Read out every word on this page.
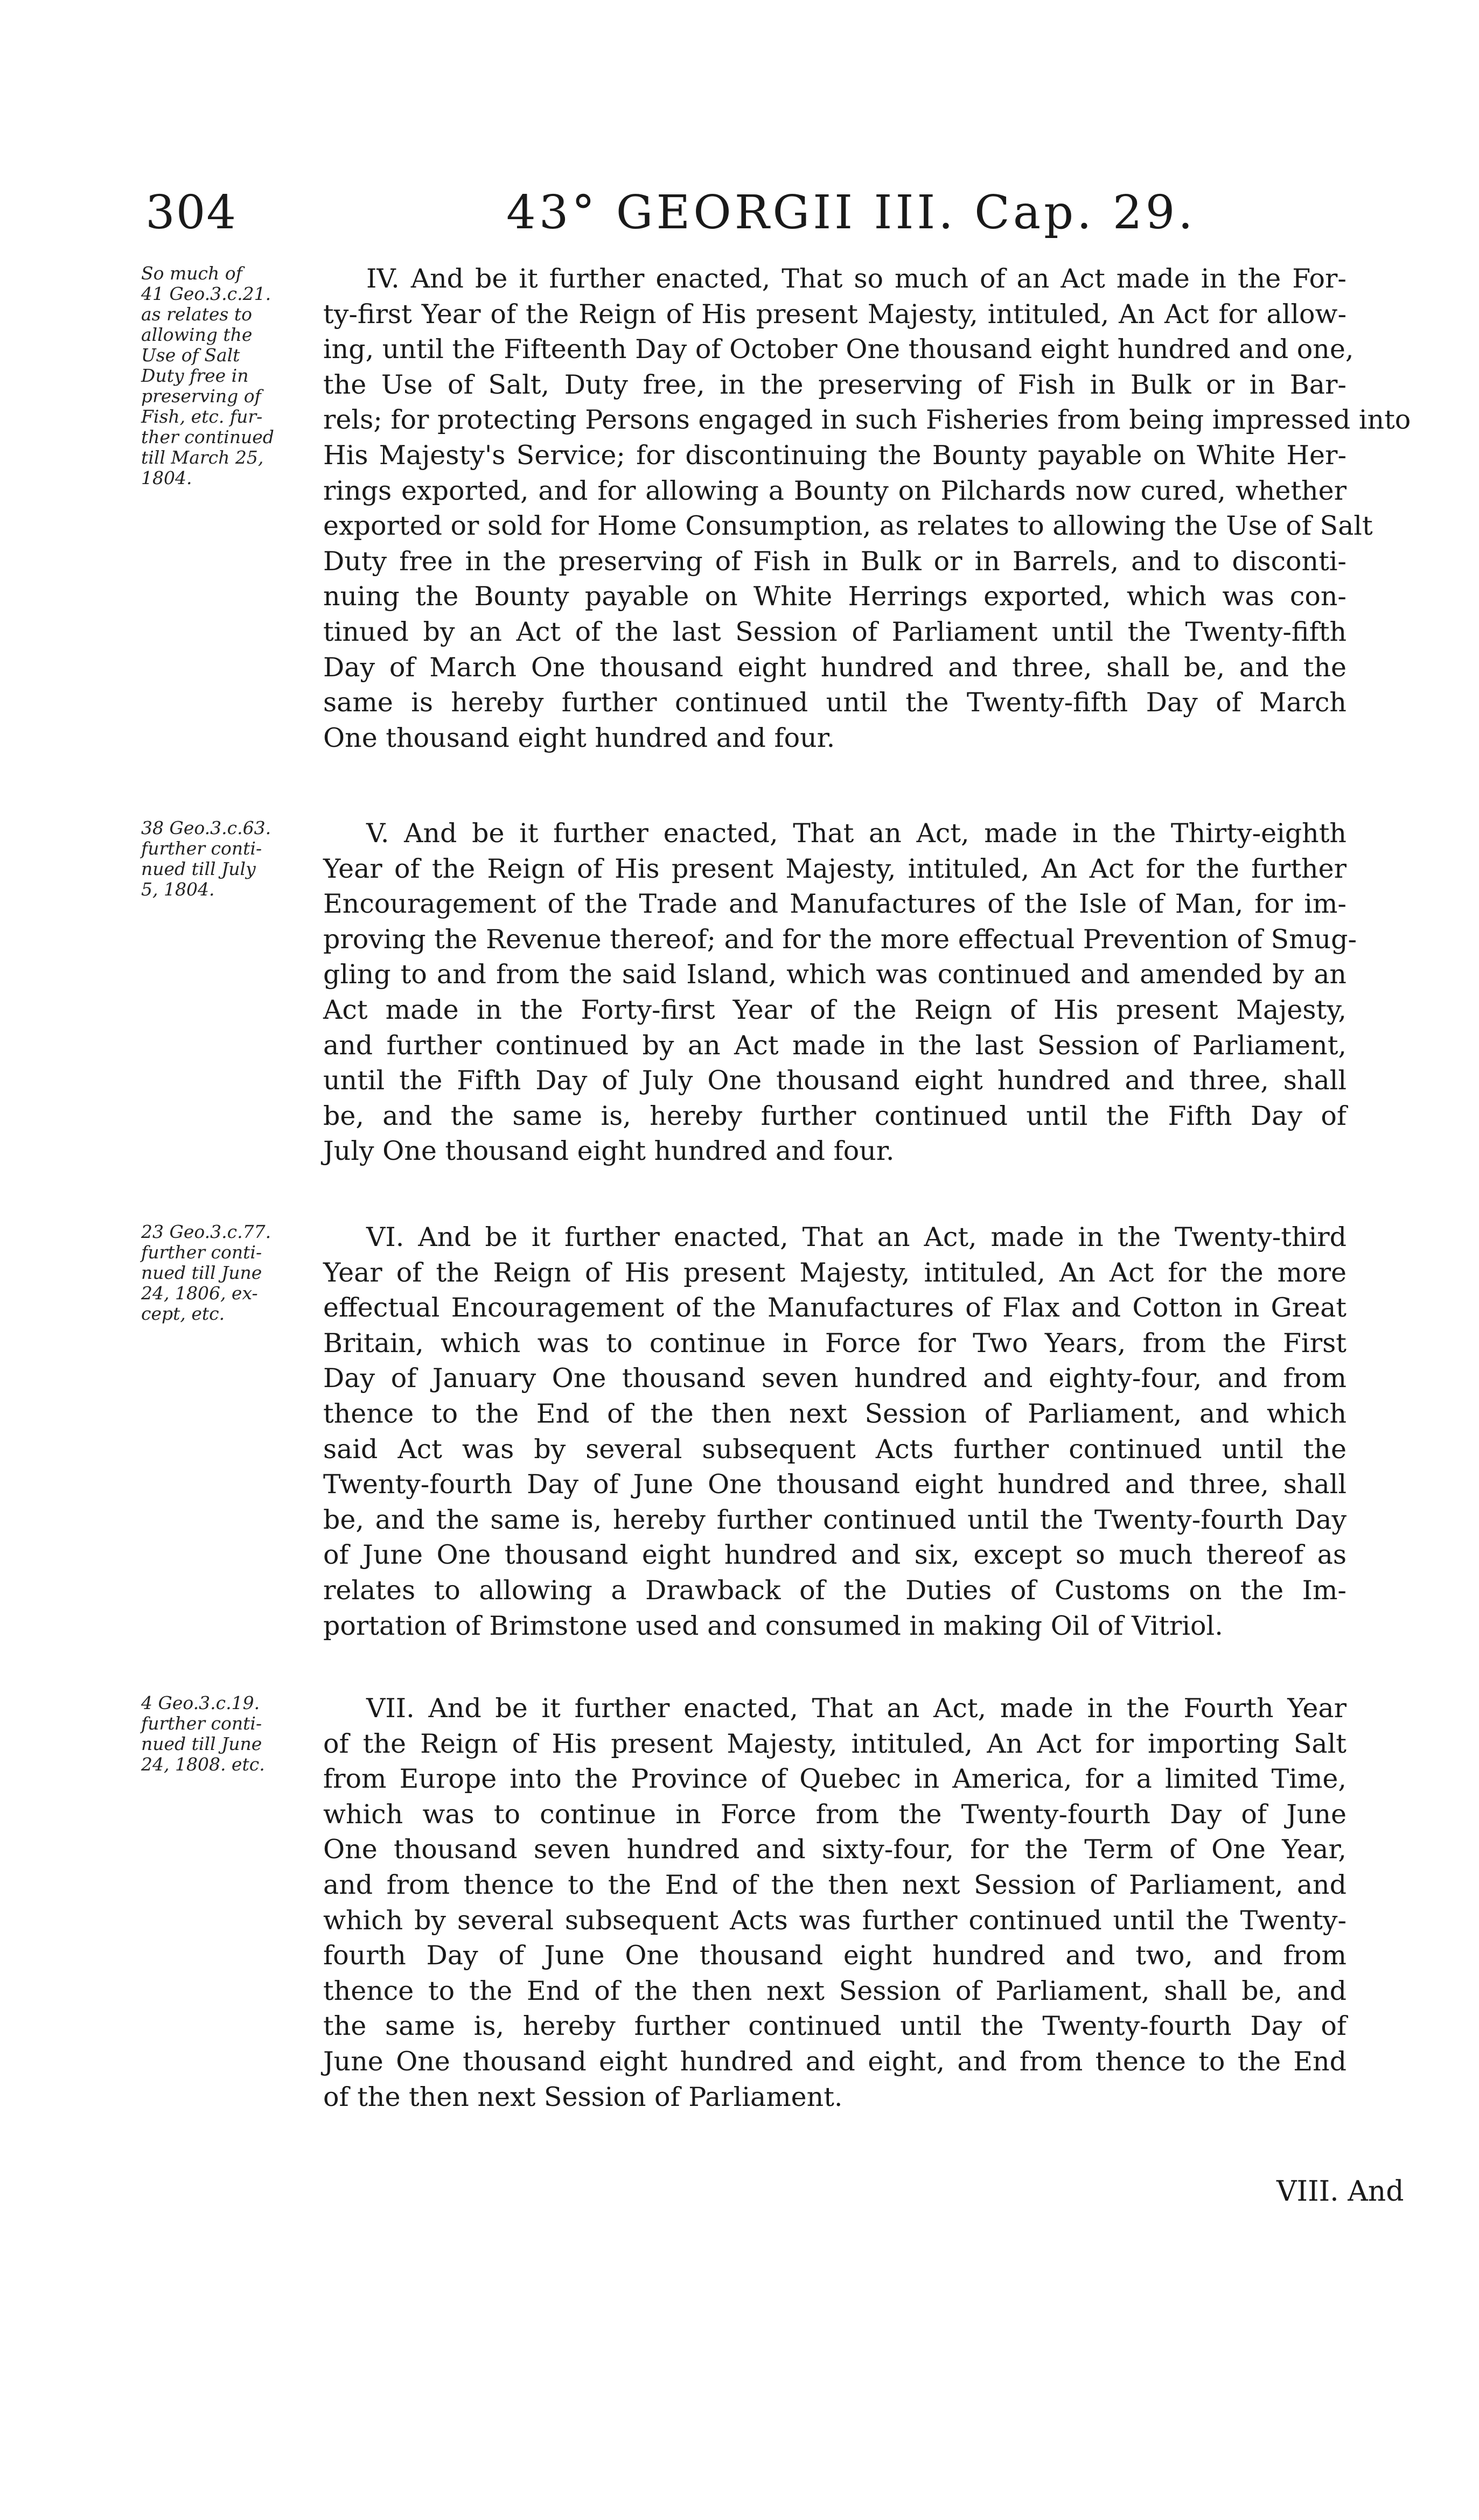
304	43° GEORGII III. Cap. 29.
So much of
41 Geo.3.c.21.
as relates to
allowing the
Use of Salt
Duty free in
preserving of
Fish, etc. fur-
ther continued
till March 25,
1804.
IV. And be it further enacted, That so much of an Act made in the For-
ty-first Year of the Reign of His present Majesty, intituled, An Act for allow-
ing, until the Fifteenth Day of October One thousand eight hundred and one,
the Use of Salt, Duty free, in the preserving of Fish in Bulk or in Bar-
rels; for protecting Persons engaged in such Fisheries from being impressed into
His Majesty's Service; for discontinuing the Bounty payable on White Her-
rings exported, and for allowing a Bounty on Pilchards now cured, whether
exported or sold for Home Consumption, as relates to allowing the Use of Salt
Duty free in the preserving of Fish in Bulk or in Barrels, and to disconti-
nuing the Bounty payable on White Herrings exported, which was con-
tinued by an Act of the last Session of Parliament until the Twenty-fifth
Day of March One thousand eight hundred and three, shall be, and the
same is hereby further continued until the Twenty-fifth Day of March
One thousand eight hundred and four.
38 Geo.3.c.63.
further conti-
nued till July
5, 1804.
V. And be it further enacted, That an Act, made in the Thirty-eighth
Year of the Reign of His present Majesty, intituled, An Act for the further
Encouragement of the Trade and Manufactures of the Isle of Man, for im-
proving the Revenue thereof; and for the more effectual Prevention of Smug-
gling to and from the said Island, which was continued and amended by an
Act made in the Forty-first Year of the Reign of His present Majesty,
and further continued by an Act made in the last Session of Parliament,
until the Fifth Day of July One thousand eight hundred and three, shall
be, and the same is, hereby further continued until the Fifth Day of
July One thousand eight hundred and four.
23 Geo.3.c.77.
further conti-
nued till June
24, 1806, ex-
cept, etc.
VI. And be it further enacted, That an Act, made in the Twenty-third
Year of the Reign of His present Majesty, intituled, An Act for the more
effectual Encouragement of the Manufactures of Flax and Cotton in Great
Britain, which was to continue in Force for Two Years, from the First
Day of January One thousand seven hundred and eighty-four, and from
thence to the End of the then next Session of Parliament, and which
said Act was by several subsequent Acts further continued until the
Twenty-fourth Day of June One thousand eight hundred and three, shall
be, and the same is, hereby further continued until the Twenty-fourth Day
of June One thousand eight hundred and six, except so much thereof as
relates to allowing a Drawback of the Duties of Customs on the Im-
portation of Brimstone used and consumed in making Oil of Vitriol.
4 Geo.3.c.19.
further conti-
nued till June
24, 1808. etc.
VII. And be it further enacted, That an Act, made in the Fourth Year
of the Reign of His present Majesty, intituled, An Act for importing Salt
from Europe into the Province of Quebec in America, for a limited Time,
which was to continue in Force from the Twenty-fourth Day of June
One thousand seven hundred and sixty-four, for the Term of One Year,
and from thence to the End of the then next Session of Parliament, and
which by several subsequent Acts was further continued until the Twenty-
fourth Day of June One thousand eight hundred and two, and from
thence to the End of the then next Session of Parliament, shall be, and
the same is, hereby further continued until the Twenty-fourth Day of
June One thousand eight hundred and eight, and from thence to the End
of the then next Session of Parliament.
VIII. And
